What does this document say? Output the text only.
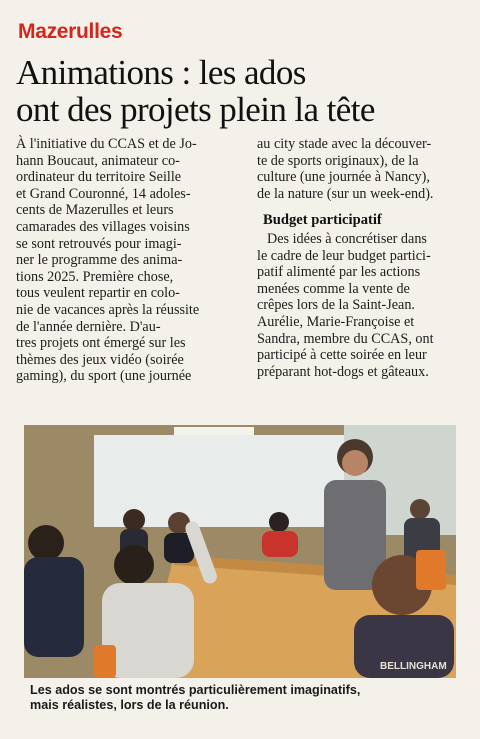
Mazerulles
Animations : les ados
ont des projets plein la tête

À l'initiative du CCAS et de Jo-

hann Boucaut, animateur co-

ordinateur du territoire Seille

et Grand Couronné, 14 adoles-

cents de Mazerulles et leurs

camarades des villages voisins

se sont retrouvés pour imagi-

ner le programme des anima-

tions 2025. Première chose,

tous veulent repartir en colo-

nie de vacances après la réussite

de l'année dernière. D'au-

tres projets ont émergé sur les

thèmes des jeux vidéo (soirée

gaming), du sport (une journée

au city stade avec la découver-

te de sports originaux), de la

culture (une journée à Nancy),

de la nature (sur un week-end).

Budget participatif

Des idées à concrétiser dans

le cadre de leur budget partici-

patif alimenté par les actions

menées comme la vente de

crêpes lors de la Saint-Jean.

Aurélie, Marie-Françoise et

Sandra, membre du CCAS, ont

participé à cette soirée en leur

préparant hot-dogs et gâteaux.

BELLINGHAM
Les ados se sont montrés particulièrement imaginatifs,
mais réalistes, lors de la réunion.
